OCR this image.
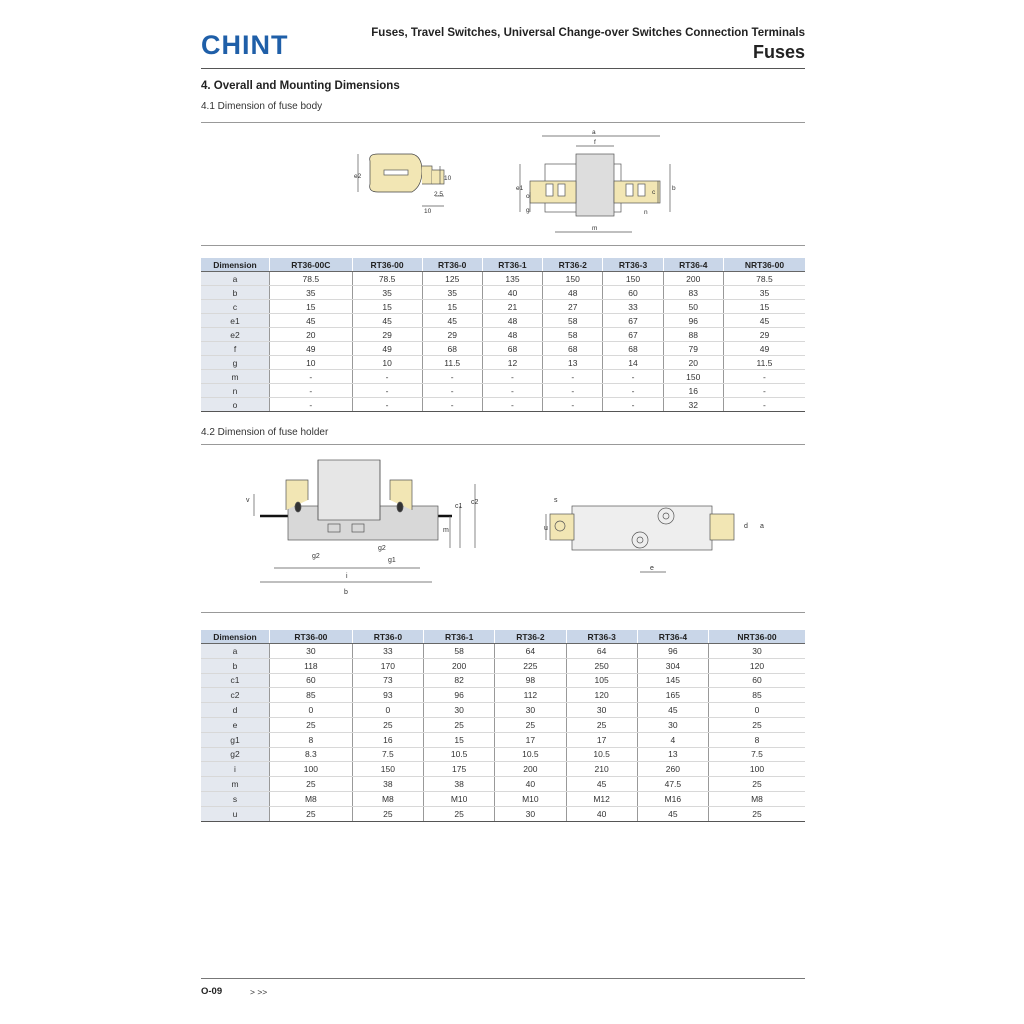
CHINT	Fuses, Travel Switches, Universal Change-over Switches Connection Terminals
Fuses
4. Overall and Mounting Dimensions
4.1 Dimension of fuse body
e2	10
2.5
10
a
f
e1
o
g
c
b
n
m
Dimension	RT36-00C	RT36-00	RT36-0	RT36-1	RT36-2	RT36-3	RT36-4	NRT36-00
a	78.5	78.5	125	135	150	150	200	78.5
b	35	35	35	40	48	60	83	35
c	15	15	15	21	27	33	50	15
e1	45	45	45	48	58	67	96	45
e2	20	29	29	48	58	67	88	29
f	49	49	68	68	68	68	79	49
g	10	10	11.5	12	13	14	20	11.5
m	-	-	-	-	-	-	150	-
n	-	-	-	-	-	-	16	-
o	-	-	-	-	-	-	32	-
4.2 Dimension of fuse holder
v
c1
c2
m
g2
g2
g1
i
b
s
u	d a
e
Dimension	RT36-00	RT36-0	RT36-1	RT36-2	RT36-3	RT36-4	NRT36-00
a	30	33	58	64	64	96	30
b	118	170	200	225	250	304	120
c1	60	73	82	98	105	145	60
c2	85	93	96	112	120	165	85
d	0	0	30	30	30	45	0
e	25	25	25	25	25	30	25
g1	8	16	15	17	17	4	8
g2	8.3	7.5	10.5	10.5	10.5	13	7.5
i	100	150	175	200	210	260	100
m	25	38	38	40	45	47.5	25
s	M8	M8	M10	M10	M12	M16	M8
u	25	25	25	30	40	45	25
O-09	> >>
